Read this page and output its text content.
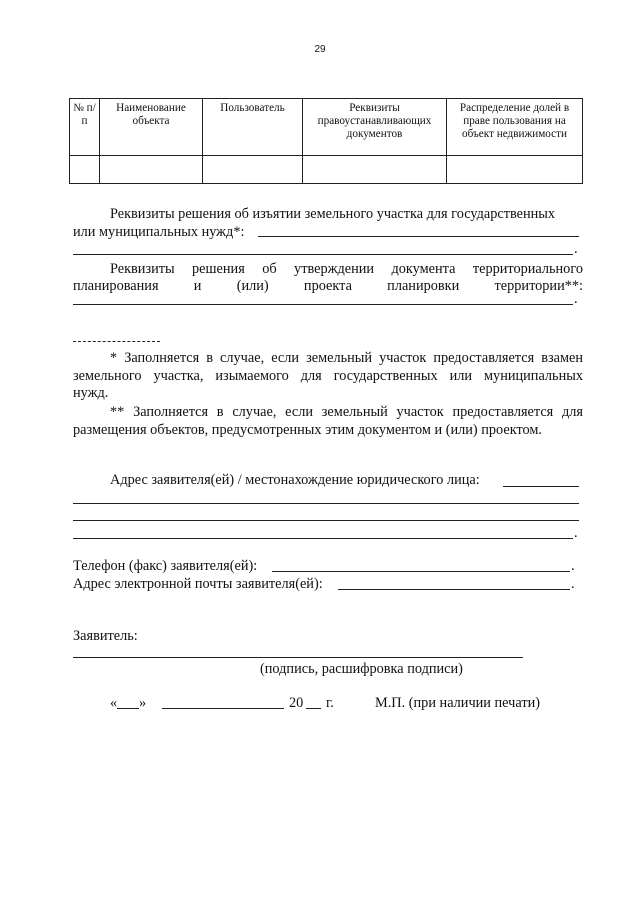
29
№ п/п	Наименование объекта	Пользователь	Реквизиты правоустанавливающих документов	Распределение долей в праве пользования на объект недвижимости

Реквизиты решения об изъятии земельного участка для государственных
или муниципальных нужд*:
.
Реквизиты решения об утверждении документа территориального
планирования и (или) проекта планировки территории**:
.
* Заполняется в случае, если земельный участок предоставляется взамен
земельного участка, изымаемого для государственных или муниципальных
нужд.
** Заполняется в случае, если земельный участок предоставляется для
размещения объектов, предусмотренных этим документом и (или) проектом.
Адрес заявителя(ей) / местонахождение юридического лица:
.
Телефон (факс) заявителя(ей):	.
Адрес электронной почты заявителя(ей):	.
Заявитель:
(подпись, расшифровка подписи)
« »	20 г.	М.П. (при наличии печати)
